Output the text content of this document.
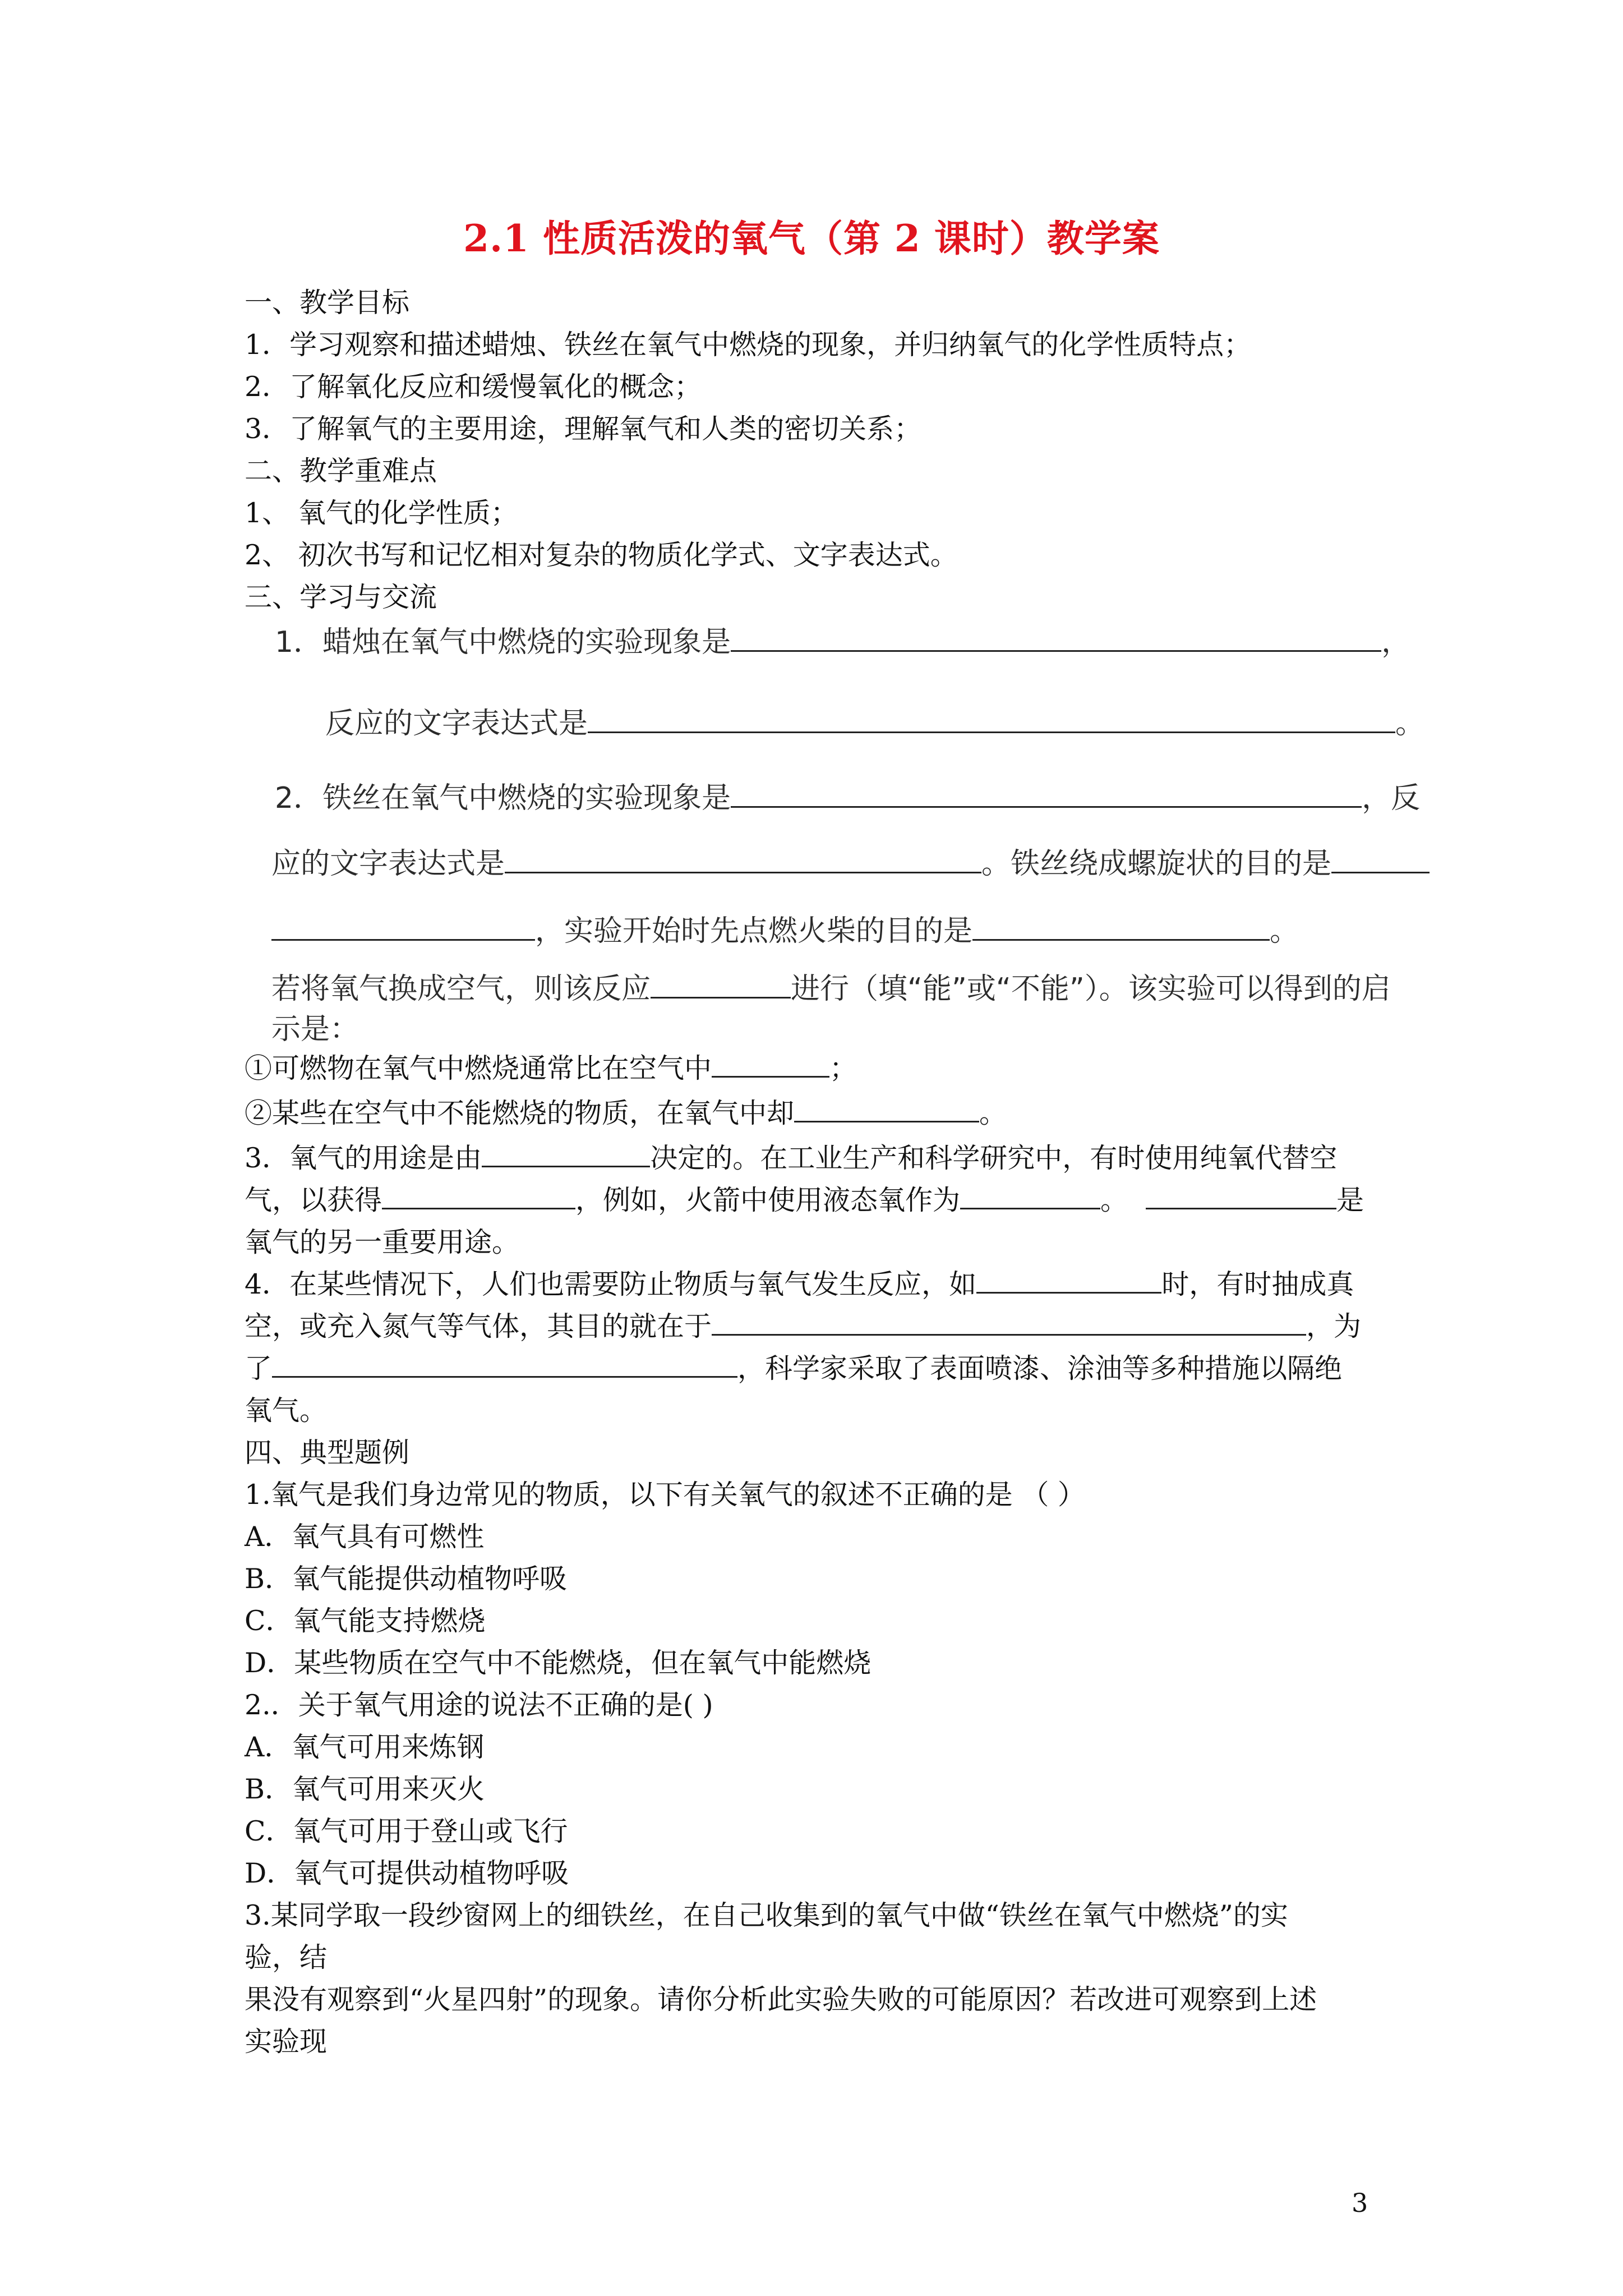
2.1 性质活泼的氧气（第 2 课时）教学案
一、教学目标
1．学习观察和描述蜡烛、铁丝在氧气中燃烧的现象，并归纳氧气的化学性质特点；
2．了解氧化反应和缓慢氧化的概念；
3．了解氧气的主要用途，理解氧气和人类的密切关系；
二、教学重难点
1、 氧气的化学性质；
2、 初次书写和记忆相对复杂的物质化学式、文字表达式。
三、学习与交流
1．蜡烛在氧气中燃烧的实验现象是	，
反应的文字表达式是	。
2．铁丝在氧气中燃烧的实验现象是	，反
应的文字表达式是	。铁丝绕成螺旋状的目的是
，实验开始时先点燃火柴的目的是	。
若将氧气换成空气，则该反应	进行（填“能”或“不能”）。该实验可以得到的启
示是：
①可燃物在氧气中燃烧通常比在空气中	；
②某些在空气中不能燃烧的物质，在氧气中却	。
3．氧气的用途是由	决定的。在工业生产和科学研究中，有时使用纯氧代替空
气，以获得	，例如，火箭中使用液态氧作为	。	是
氧气的另一重要用途。
4．在某些情况下，人们也需要防止物质与氧气发生反应，如	时，有时抽成真
空，或充入氮气等气体，其目的就在于	，为
了	，科学家采取了表面喷漆、涂油等多种措施以隔绝
氧气。
四、典型题例
1.氧气是我们身边常见的物质，以下有关氧气的叙述不正确的是 （ ）
A．氧气具有可燃性
B．氧气能提供动植物呼吸
C．氧气能支持燃烧
D．某些物质在空气中不能燃烧，但在氧气中能燃烧
2.．关于氧气用途的说法不正确的是( )
A．氧气可用来炼钢
B．氧气可用来灭火
C．氧气可用于登山或飞行
D．氧气可提供动植物呼吸
3.某同学取一段纱窗网上的细铁丝，在自己收集到的氧气中做“铁丝在氧气中燃烧”的实
验，结
果没有观察到“火星四射”的现象。请你分析此实验失败的可能原因？若改进可观察到上述
实验现
3
